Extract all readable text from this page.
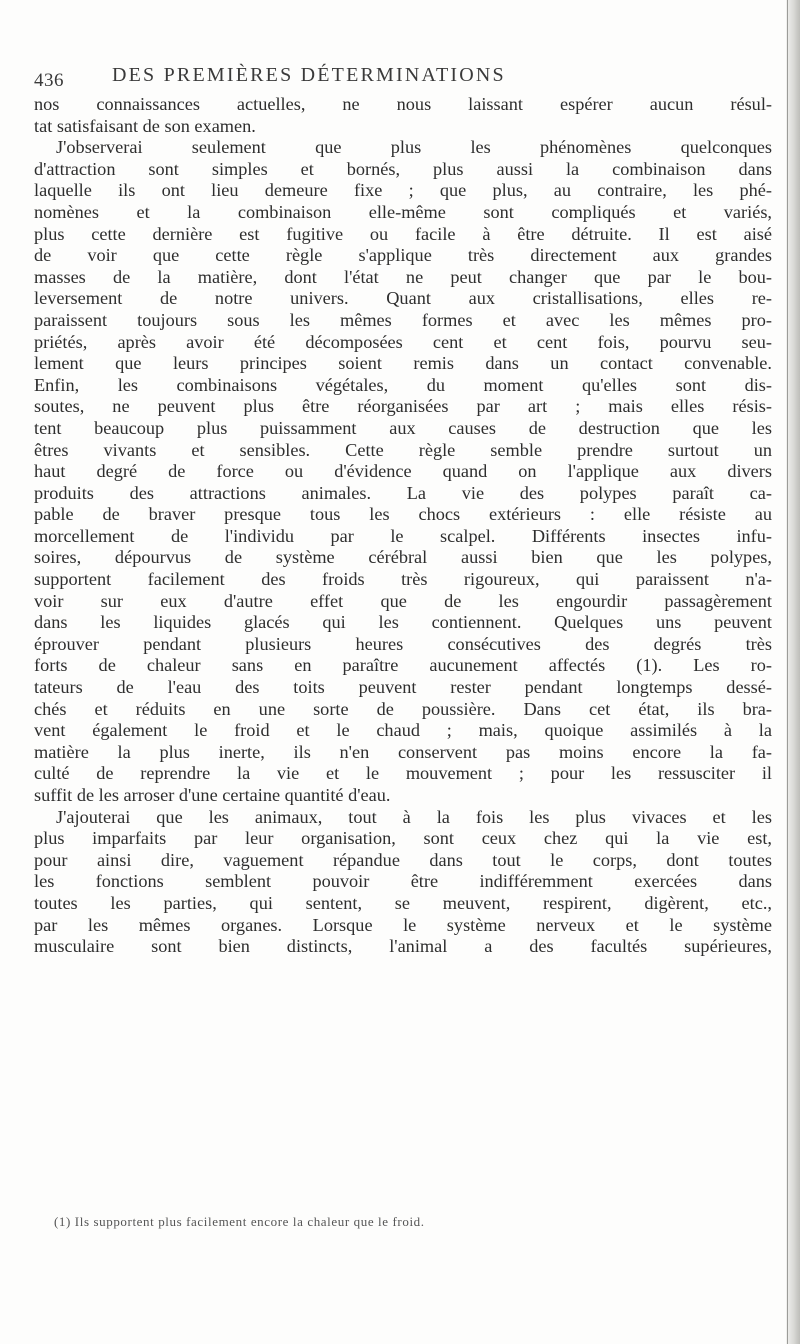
436 DES PREMIÈRES DÉTERMINATIONS
nos connaissances actuelles, ne nous laissant espérer aucun résul-
tat satisfaisant de son examen.
J'observerai seulement que plus les phénomènes quelconques
d'attraction sont simples et bornés, plus aussi la combinaison dans
laquelle ils ont lieu demeure fixe ; que plus, au contraire, les phé-
nomènes et la combinaison elle-même sont compliqués et variés,
plus cette dernière est fugitive ou facile à être détruite. Il est aisé
de voir que cette règle s'applique très directement aux grandes
masses de la matière, dont l'état ne peut changer que par le bou-
leversement de notre univers. Quant aux cristallisations, elles re-
paraissent toujours sous les mêmes formes et avec les mêmes pro-
priétés, après avoir été décomposées cent et cent fois, pourvu seu-
lement que leurs principes soient remis dans un contact convenable.
Enfin, les combinaisons végétales, du moment qu'elles sont dis-
soutes, ne peuvent plus être réorganisées par art ; mais elles résis-
tent beaucoup plus puissamment aux causes de destruction que les
êtres vivants et sensibles. Cette règle semble prendre surtout un
haut degré de force ou d'évidence quand on l'applique aux divers
produits des attractions animales. La vie des polypes paraît ca-
pable de braver presque tous les chocs extérieurs : elle résiste au
morcellement de l'individu par le scalpel. Différents insectes infu-
soires, dépourvus de système cérébral aussi bien que les polypes,
supportent facilement des froids très rigoureux, qui paraissent n'a-
voir sur eux d'autre effet que de les engourdir passagèrement
dans les liquides glacés qui les contiennent. Quelques uns peuvent
éprouver pendant plusieurs heures consécutives des degrés très
forts de chaleur sans en paraître aucunement affectés (1). Les ro-
tateurs de l'eau des toits peuvent rester pendant longtemps dessé-
chés et réduits en une sorte de poussière. Dans cet état, ils bra-
vent également le froid et le chaud ; mais, quoique assimilés à la
matière la plus inerte, ils n'en conservent pas moins encore la fa-
culté de reprendre la vie et le mouvement ; pour les ressusciter il
suffit de les arroser d'une certaine quantité d'eau.
J'ajouterai que les animaux, tout à la fois les plus vivaces et les
plus imparfaits par leur organisation, sont ceux chez qui la vie est,
pour ainsi dire, vaguement répandue dans tout le corps, dont toutes
les fonctions semblent pouvoir être indifféremment exercées dans
toutes les parties, qui sentent, se meuvent, respirent, digèrent, etc.,
par les mêmes organes. Lorsque le système nerveux et le système
musculaire sont bien distincts, l'animal a des facultés supérieures,
(1) Ils supportent plus facilement encore la chaleur que le froid.
